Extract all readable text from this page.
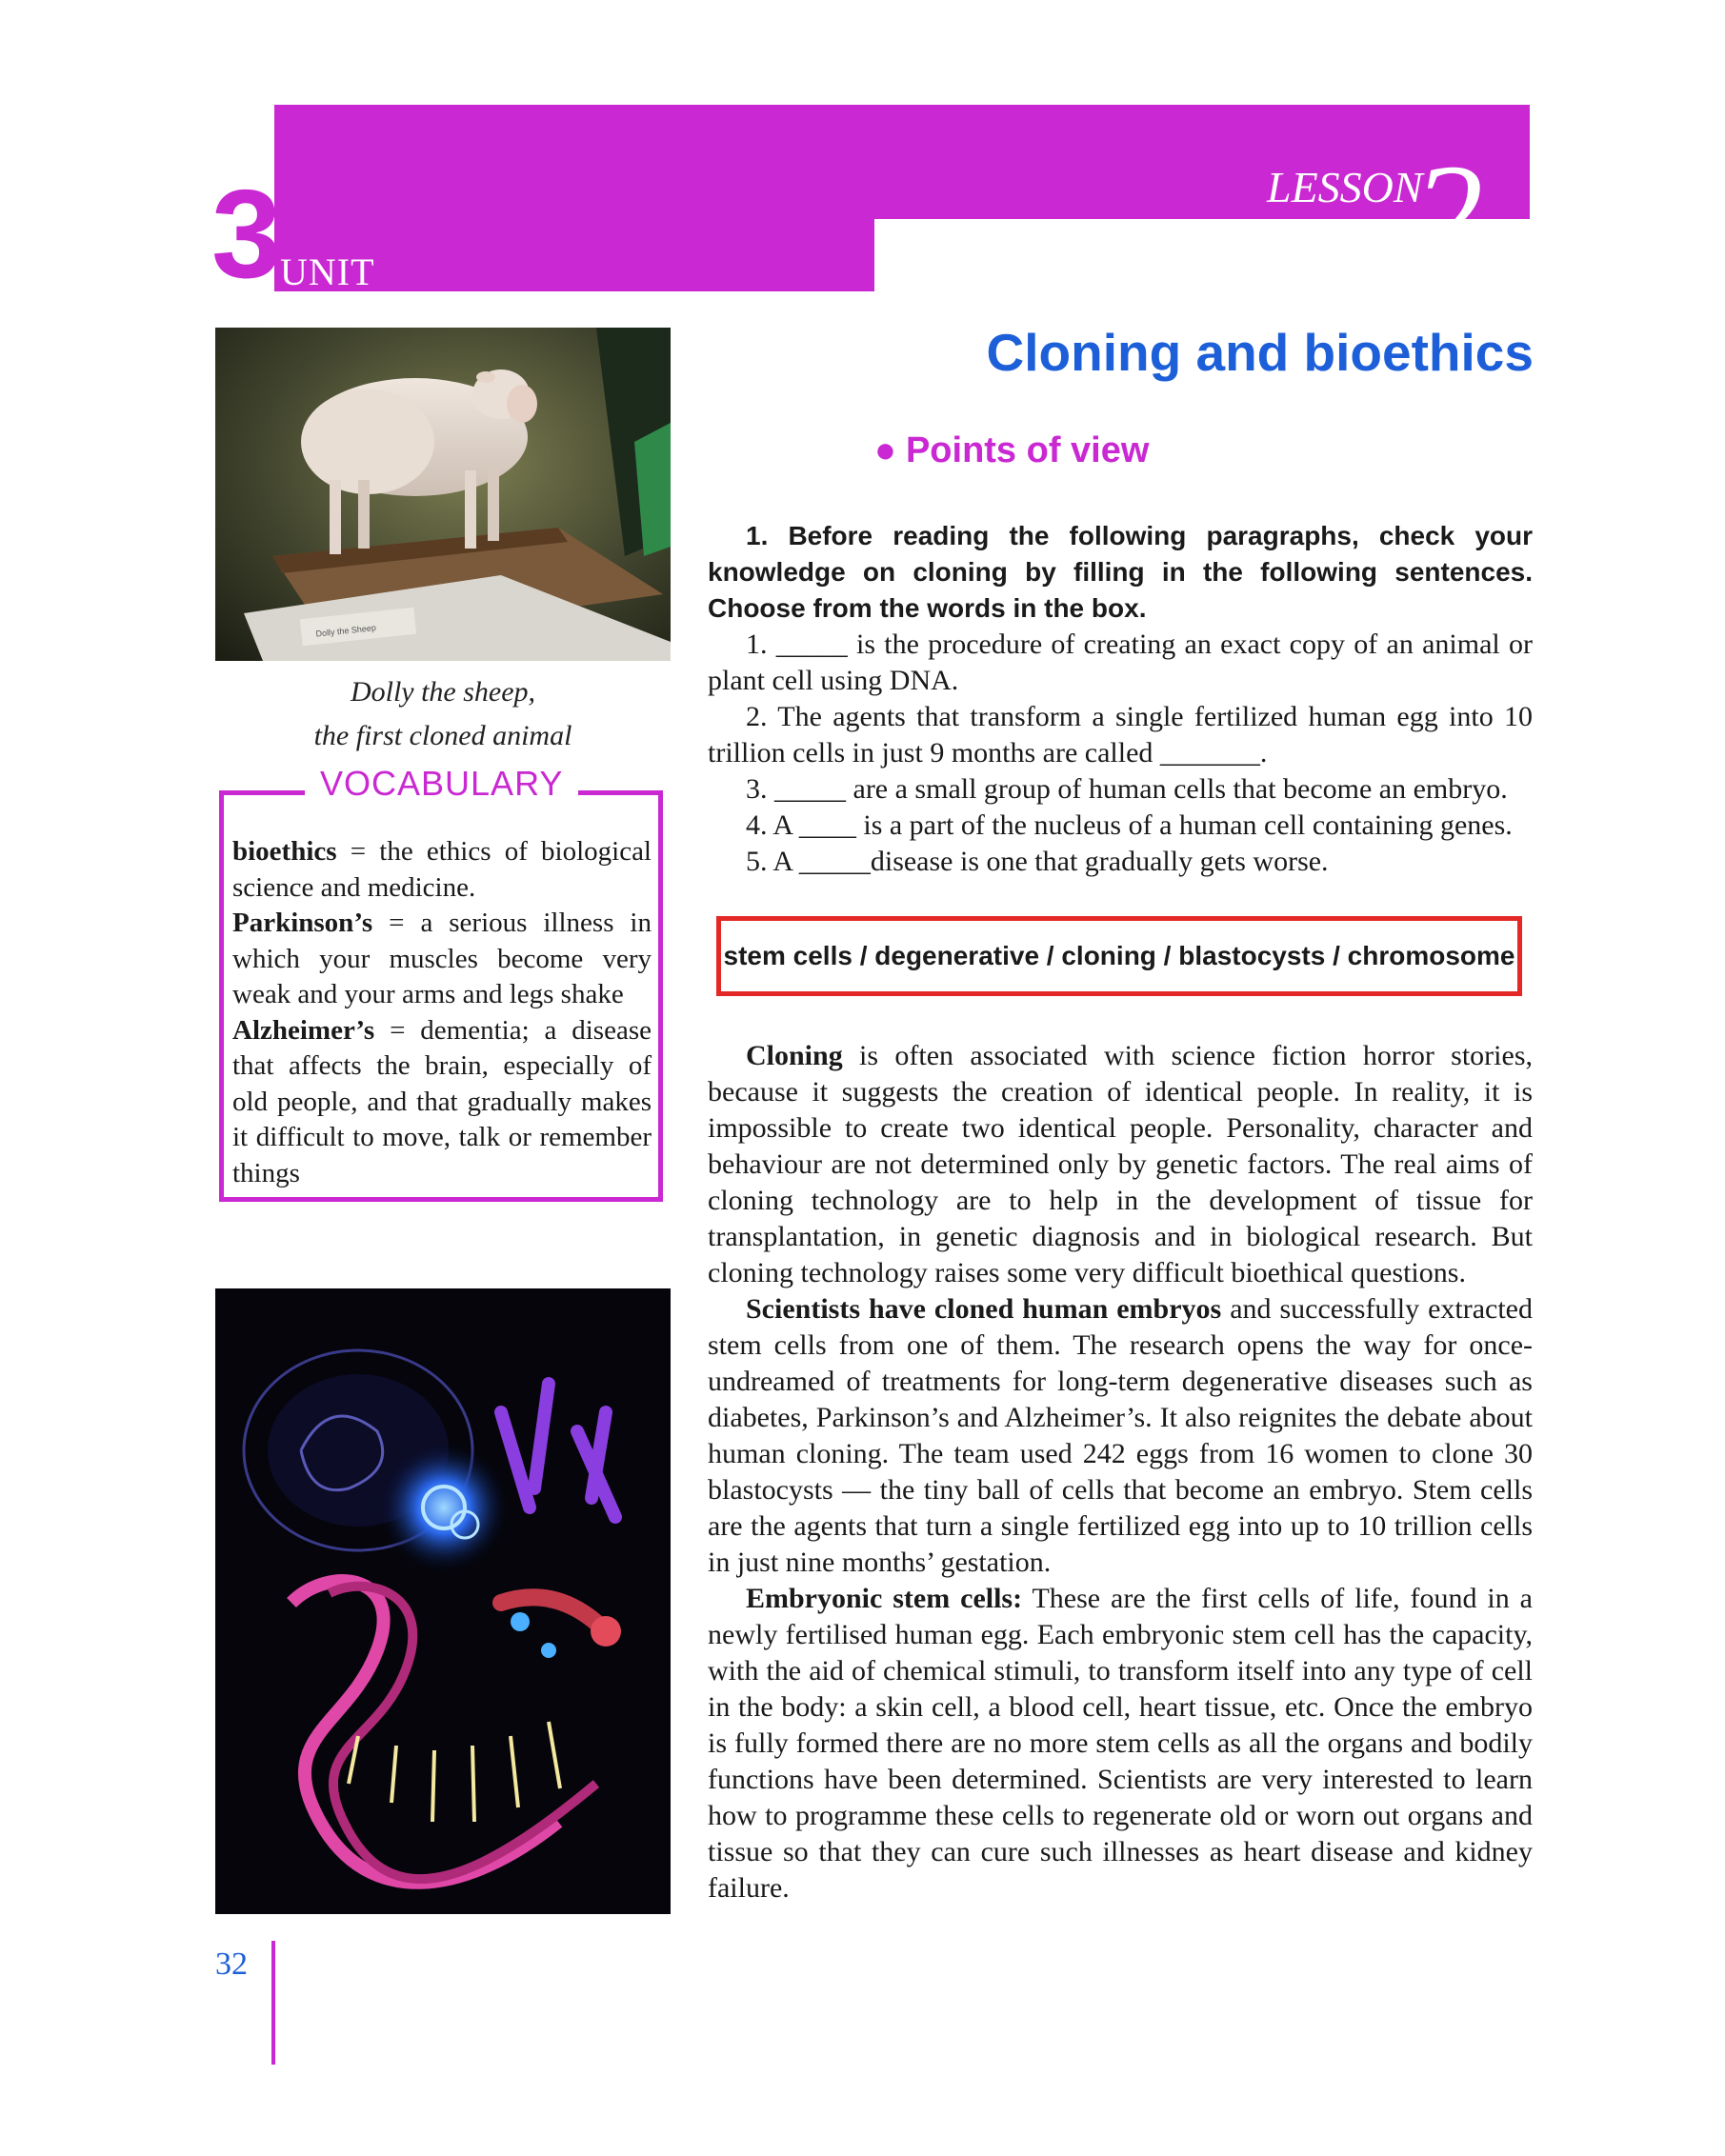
3 UNIT
LESSON
2
Dolly the Sheep
Dolly the sheep,
the first cloned animal
VOCABULARY
bioethics = the ethics of biological science and medicine.
Parkinson’s = a serious illness in which your muscles become very weak and your arms and legs shake
Alzheimer’s = dementia; a disease that affects the brain, especially of old people, and that gradually makes it difficult to move, talk or remember things
Cloning and bioethics
● Points of view

1. Before reading the following paragraphs, check your knowledge on cloning by filling in the following sentences. Choose from the words in the box.

1. _____ is the procedure of creating an exact copy of an animal or plant cell using DNA.

2. The agents that transform a single fertilized human egg into 10 trillion cells in just 9 months are called _______.

3. _____ are a small group of human cells that become an embryo.

4. A ____ is a part of the nucleus of a human cell containing genes.

5. A _____disease is one that gradually gets worse.

stem cells / degenerative / cloning / blastocysts / chromosome

Cloning is often associated with science fiction horror stories, because it suggests the creation of identical people. In reality, it is impossible to create two identical people. Personality, character and behaviour are not determined only by genetic factors. The real aims of cloning technology are to help in the development of tissue for transplantation, in genetic diagnosis and in biological research. But cloning technology raises some very difficult bioethical questions.

Scientists have cloned human embryos and successfully extracted stem cells from one of them. The research opens the way for once-undreamed of treatments for long-term degenerative diseases such as diabetes, Parkinson’s and Alzheimer’s. It also reignites the debate about human cloning. The team used 242 eggs from 16 women to clone 30 blastocysts — the tiny ball of cells that become an embryo. Stem cells are the agents that turn a single fertilized egg into up to 10 trillion cells in just nine months’ gestation.

Embryonic stem cells: These are the first cells of life, found in a newly fertilised human egg. Each embryonic stem cell has the capacity, with the aid of chemical stimuli, to transform itself into any type of cell in the body: a skin cell, a blood cell, heart tissue, etc. Once the embryo is fully formed there are no more stem cells as all the organs and bodily functions have been determined. Scientists are very interested to learn how to programme these cells to regenerate old or worn out organs and tissue so that they can cure such illnesses as heart disease and kidney failure.

32
